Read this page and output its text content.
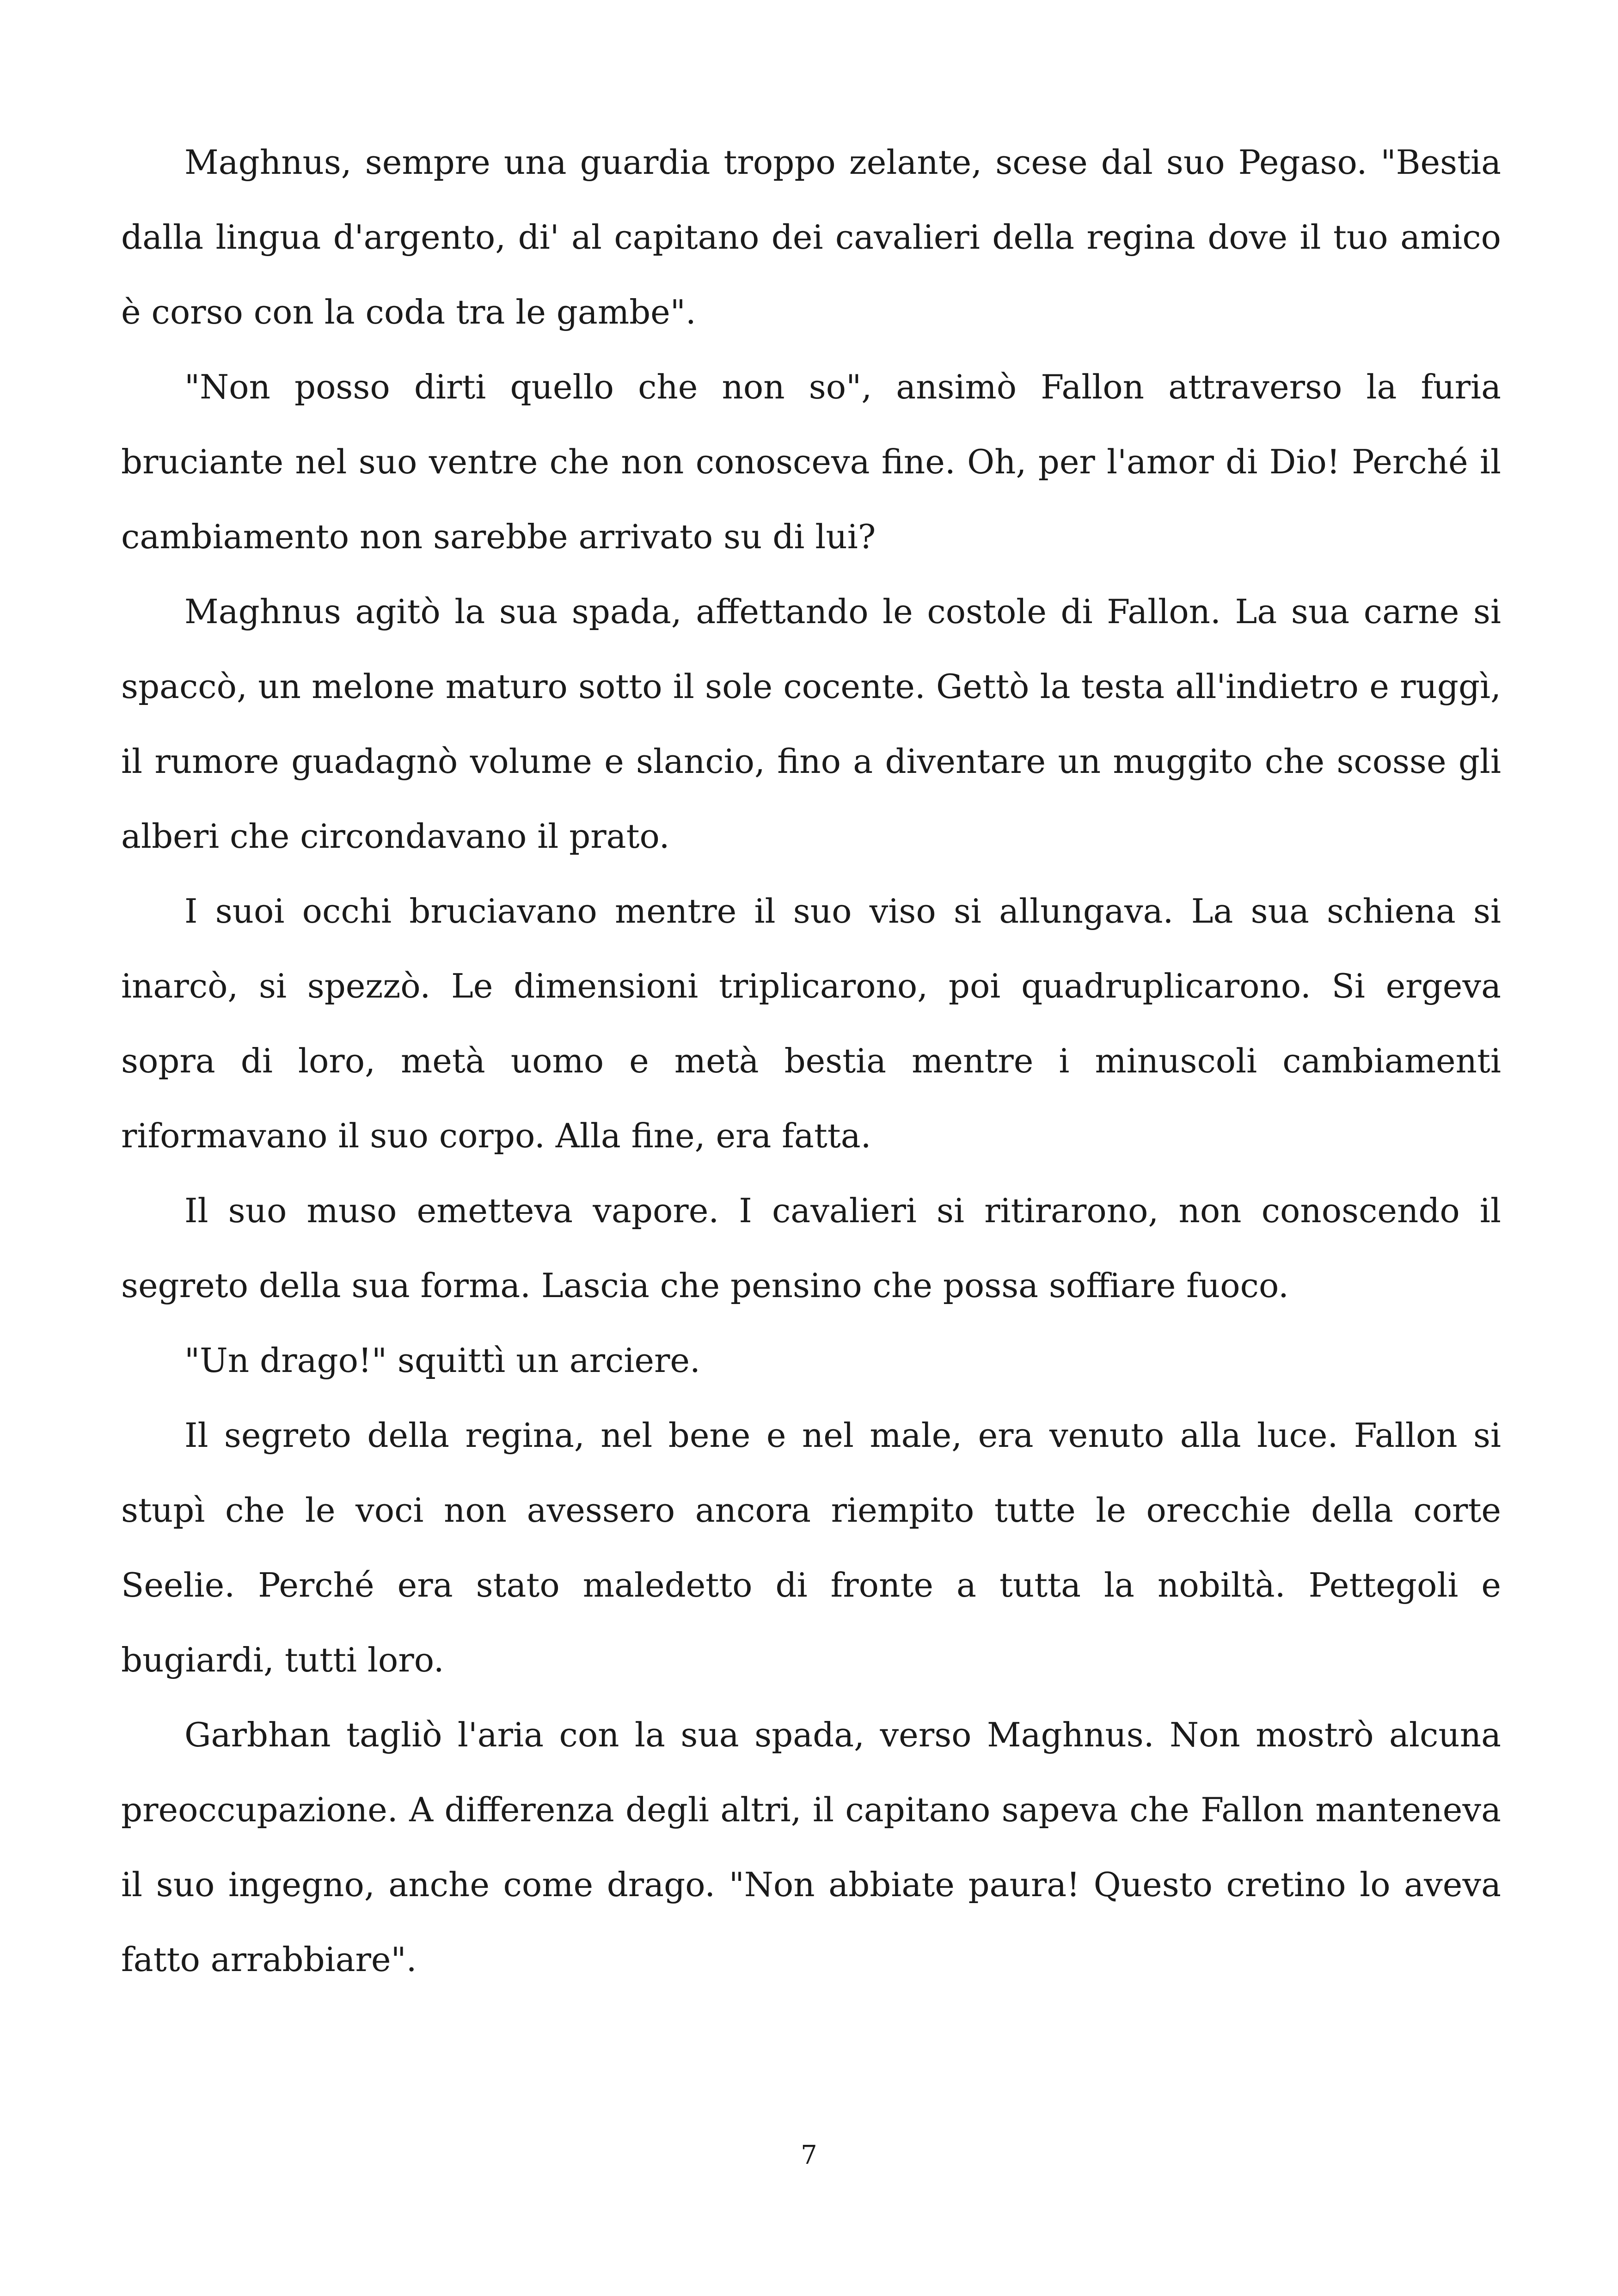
Maghnus, sempre una guardia troppo zelante, scese dal suo Pegaso. "Bestia dalla lingua d'argento, di' al capitano dei cavalieri della regina dove il tuo amico è corso con la coda tra le gambe".

"Non posso dirti quello che non so", ansimò Fallon attraverso la furia bruciante nel suo ventre che non conosceva fine. Oh, per l'amor di Dio! Perché il cambiamento non sarebbe arrivato su di lui?

Maghnus agitò la sua spada, affettando le costole di Fallon. La sua carne si spaccò, un melone maturo sotto il sole cocente. Gettò la testa all'indietro e ruggì, il rumore guadagnò volume e slancio, fino a diventare un muggito che scosse gli alberi che circondavano il prato.

I suoi occhi bruciavano mentre il suo viso si allungava. La sua schiena si inarcò, si spezzò. Le dimensioni triplicarono, poi quadruplicarono. Si ergeva sopra di loro, metà uomo e metà bestia mentre i minuscoli cambiamenti riformavano il suo corpo. Alla fine, era fatta.

Il suo muso emetteva vapore. I cavalieri si ritirarono, non conoscendo il segreto della sua forma. Lascia che pensino che possa soffiare fuoco.

"Un drago!" squittì un arciere.

Il segreto della regina, nel bene e nel male, era venuto alla luce. Fallon si stupì che le voci non avessero ancora riempito tutte le orecchie della corte Seelie. Perché era stato maledetto di fronte a tutta la nobiltà. Pettegoli e bugiardi, tutti loro.

Garbhan tagliò l'aria con la sua spada, verso Maghnus. Non mostrò alcuna preoccupazione. A differenza degli altri, il capitano sapeva che Fallon manteneva il suo ingegno, anche come drago. "Non abbiate paura! Questo cretino lo aveva fatto arrabbiare".

7
